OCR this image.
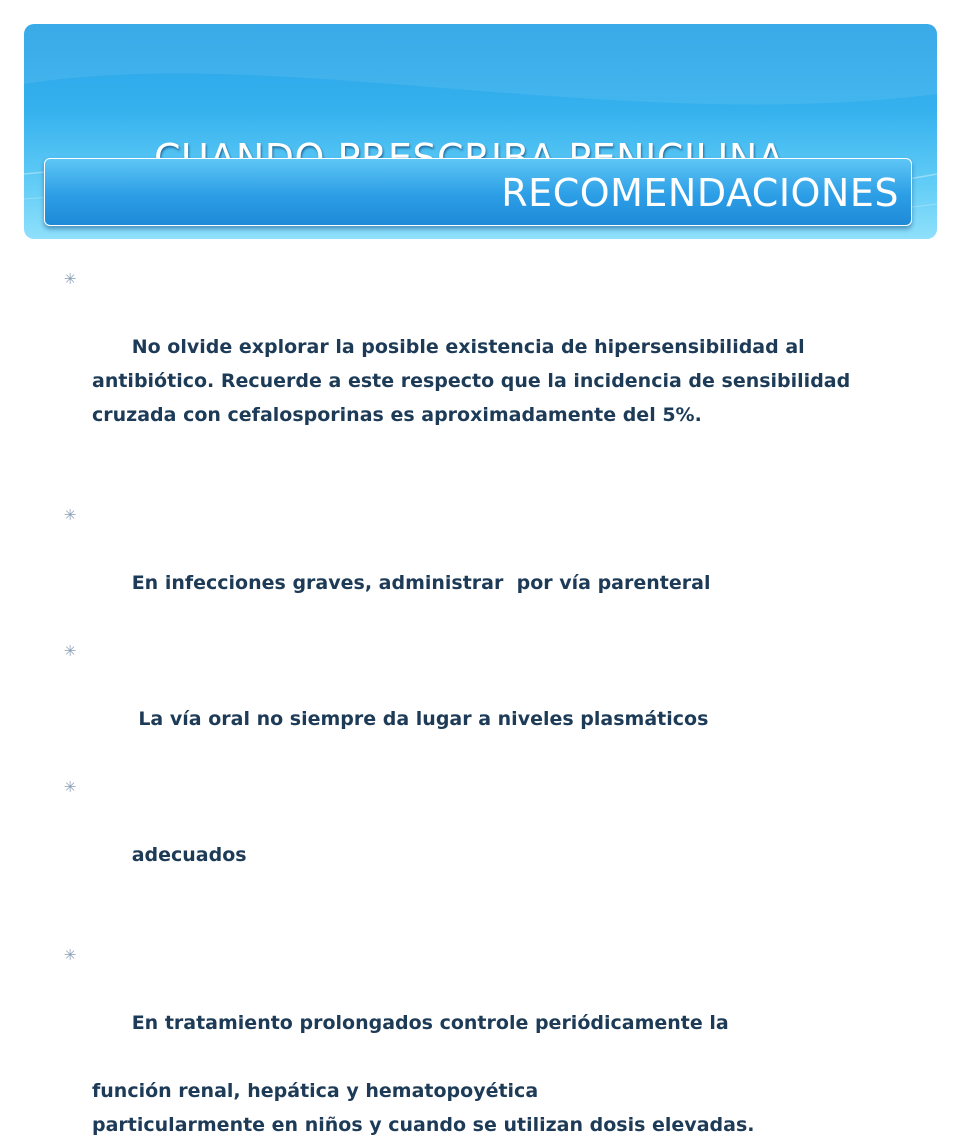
RECOMENDACIONES

✳

No olvide explorar la posible existencia de hipersensibilidad al antibiótico. Recuerde a este respecto que la incidencia de sensibilidad cruzada con cefalosporinas es aproximadamente del 5%.

✳

En infecciones graves, administrar  por vía parenteral

✳

La vía oral no siempre da lugar a niveles plasmáticos

✳

adecuados

✳

En tratamiento prolongados controle periódicamente la

función renal, hepática y hematopoyética
particularmente en niños y cuando se utilizan dosis elevadas.
